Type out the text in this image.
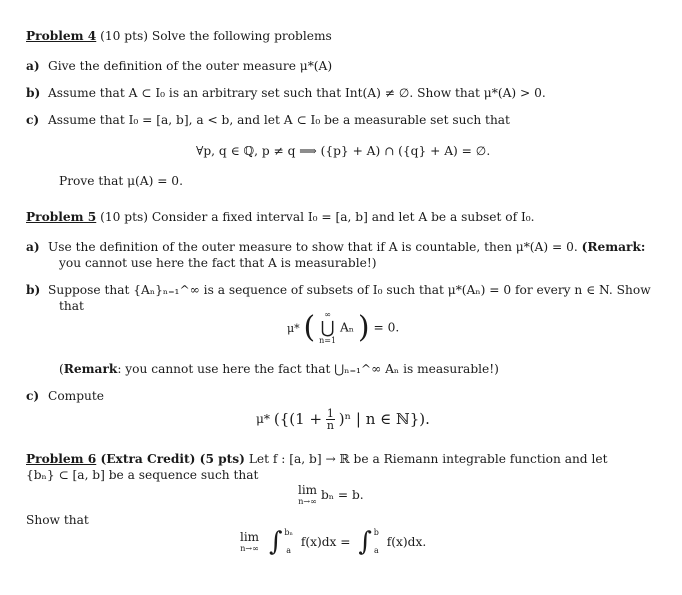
Problem 4 (10 pts) Solve the following problems
a) Give the definition of the outer measure μ*(A)
b) Assume that A ⊂ I₀ is an arbitrary set such that Int(A) ≠ ∅. Show that μ*(A) > 0.
c) Assume that I₀ = [a, b], a < b, and let A ⊂ I₀ be a measurable set such that
∀p, q ∈ ℚ, p ≠ q ⟹ ({p} + A) ∩ ({q} + A) = ∅.
Prove that μ(A) = 0.
Problem 5 (10 pts) Consider a fixed interval I₀ = [a, b] and let A be a subset of I₀.
a) Use the definition of the outer measure to show that if A is countable, then μ*(A) = 0. (Remark:
you cannot use here the fact that A is measurable!)
b) Suppose that {Aₙ}ₙ₌₁^∞ is a sequence of subsets of I₀ such that μ*(Aₙ) = 0 for every n ∈ N. Show
that
μ* (	∞
⋃
n=1
Aₙ ) = 0.
(Remark: you cannot use here the fact that ⋃ₙ₌₁^∞ Aₙ is measurable!)
c) Compute
μ* ({$(1 + \frac{1}{n} )^n$ | n ∈ ℕ}).
Problem 6 (Extra Credit) (5 pts) Let f : [a, b] → ℝ be a Riemann integrable function and let
{bₙ} ⊂ [a, b] be a sequence such that
lim
n→∞ bₙ = b.
Show that
lim
n→∞ ∫ bₙ
a
f(x)dx = ∫ b
a
f(x)dx.
